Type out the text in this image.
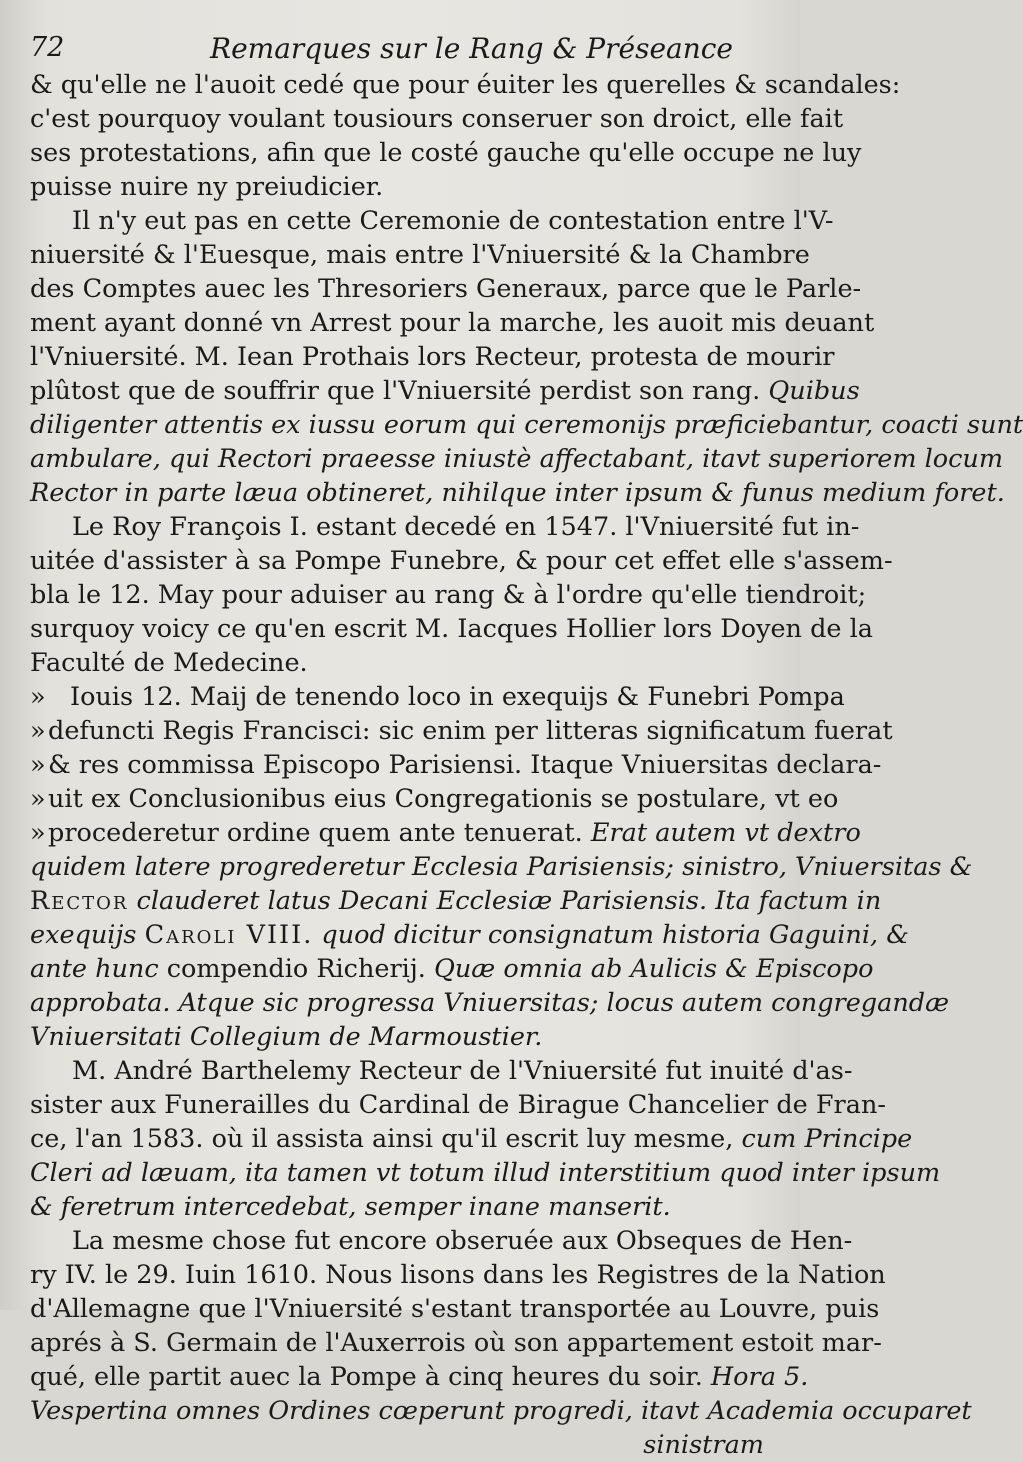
72	Remarques sur le Rang & Préseance
& qu'elle ne l'auoit cedé que pour éuiter les querelles & scandales:
c'est pourquoy voulant tousiours conseruer son droict, elle fait
ses protestations, afin que le costé gauche qu'elle occupe ne luy
puisse nuire ny preiudicier.
Il n'y eut pas en cette Ceremonie de contestation entre l'V-
niuersité & l'Euesque, mais entre l'Vniuersité & la Chambre
des Comptes auec les Thresoriers Generaux, parce que le Parle-
ment ayant donné vn Arrest pour la marche, les auoit mis deuant
l'Vniuersité. M. Iean Prothais lors Recteur, protesta de mourir
plûtost que de souffrir que l'Vniuersité perdist son rang. Quibus
diligenter attentis ex iussu eorum qui ceremonijs præficiebantur, coacti sunt
ambulare, qui Rectori praeesse iniustè affectabant, itavt superiorem locum
Rector in parte læua obtineret, nihilque inter ipsum & funus medium foret.
Le Roy François I. estant decedé en 1547. l'Vniuersité fut in-
uitée d'assister à sa Pompe Funebre, & pour cet effet elle s'assem-
bla le 12. May pour aduiser au rang & à l'ordre qu'elle tiendroit;
surquoy voicy ce qu'en escrit M. Iacques Hollier lors Doyen de la
Faculté de Medecine.
» Iouis 12. Maij de tenendo loco in exequijs & Funebri Pompa
»defuncti Regis Francisci: sic enim per litteras significatum fuerat
»& res commissa Episcopo Parisiensi. Itaque Vniuersitas declara-
»uit ex Conclusionibus eius Congregationis se postulare, vt eo
»procederetur ordine quem ante tenuerat. Erat autem vt dextro
quidem latere progrederetur Ecclesia Parisiensis; sinistro, Vniuersitas &
Rector clauderet latus Decani Ecclesiæ Parisiensis. Ita factum in
exequijs Caroli VIII. quod dicitur consignatum historia Gaguini, &
ante hunc compendio Richerij. Quæ omnia ab Aulicis & Episcopo
approbata. Atque sic progressa Vniuersitas; locus autem congregandæ
Vniuersitati Collegium de Marmoustier.
M. André Barthelemy Recteur de l'Vniuersité fut inuité d'as-
sister aux Funerailles du Cardinal de Birague Chancelier de Fran-
ce, l'an 1583. où il assista ainsi qu'il escrit luy mesme, cum Principe
Cleri ad læuam, ita tamen vt totum illud interstitium quod inter ipsum
& feretrum intercedebat, semper inane manserit.
La mesme chose fut encore obseruée aux Obseques de Hen-
ry IV. le 29. Iuin 1610. Nous lisons dans les Registres de la Nation
d'Allemagne que l'Vniuersité s'estant transportée au Louvre, puis
aprés à S. Germain de l'Auxerrois où son appartement estoit mar-
qué, elle partit auec la Pompe à cinq heures du soir. Hora 5.
Vespertina omnes Ordines cœperunt progredi, itavt Academia occuparet
sinistram
